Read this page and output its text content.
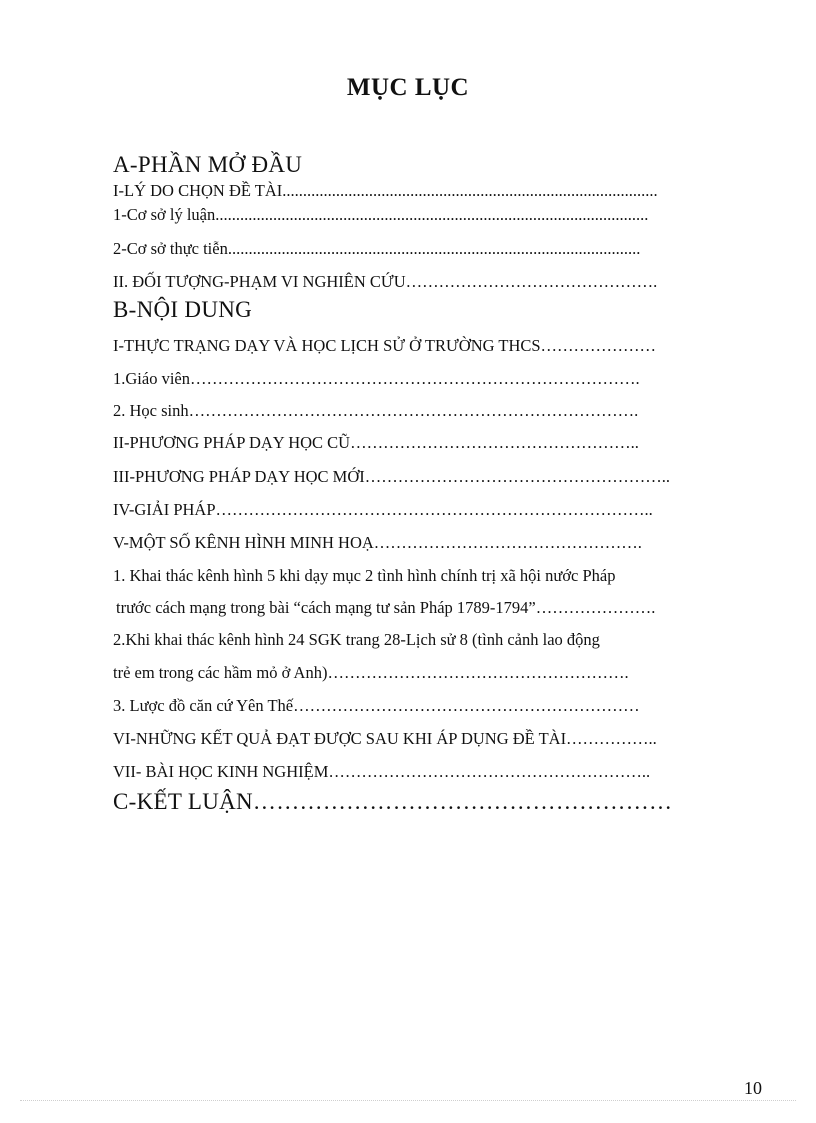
MỤC LỤC
A-PHẦN MỞ ĐẦU
I-LÝ DO CHỌN ĐỀ TÀI...........................................................................................
1-Cơ sở lý luận.........................................................................................................
2-Cơ sở thực tiễn....................................................................................................
II. ĐỐI TƯỢNG-PHẠM VI NGHIÊN CỨU……………………………………….
B-NỘI DUNG
I-THỰC TRẠNG DẠY VÀ HỌC LỊCH SỬ Ở TRƯỜNG THCS…………………
1.Giáo viên……………………………………………………………………….
2. Học sinh……………………………………………………………………….
II-PHƯƠNG PHÁP DẠY HỌC CŨ……………………………………………..
III-PHƯƠNG PHÁP DẠY HỌC MỚI………………………………………………..
IV-GIẢI PHÁP……………………………………………………………………..
V-MỘT SỐ KÊNH HÌNH MINH HOẠ………………………………………….
1. Khai thác kênh hình 5 khi dạy mục 2 tình hình chính trị xã hội nước Pháp
trước cách mạng trong bài “cách mạng tư sản Pháp 1789-1794”………………….
2.Khi khai thác kênh hình 24 SGK trang 28-Lịch sử 8 (tình cảnh lao động
trẻ em trong các hầm mỏ ở Anh)……………………………………………….
3. Lược đồ căn cứ Yên Thế………………………………………………………
VI-NHỮNG KẾT QUẢ ĐẠT ĐƯỢC SAU KHI ÁP DỤNG ĐỀ TÀI……………..
VII- BÀI HỌC KINH NGHIỆM…………………………………………………..
C-KẾT LUẬN………………………………………………
10
